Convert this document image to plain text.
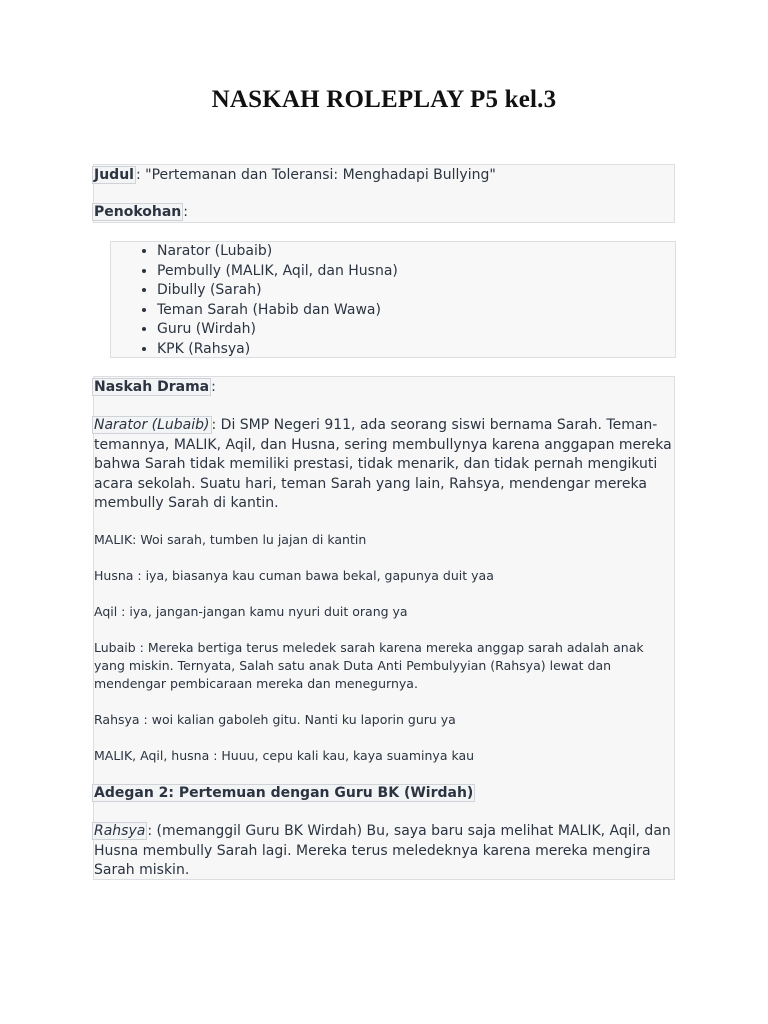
NASKAH ROLEPLAY P5 kel.3
Judul : "Pertemanan dan Toleransi: Menghadapi Bullying"
Penokohan :
• Narator (Lubaib)
• Pembully (MALIK, Aqil, dan Husna)
• Dibully (Sarah)
• Teman Sarah (Habib dan Wawa)
• Guru (Wirdah)
• KPK (Rahsya)
Naskah Drama :
Narator (Lubaib) : Di SMP Negeri 911, ada seorang siswi bernama Sarah. Teman-temannya, MALIK, Aqil, dan Husna, sering membullynya karena anggapan mereka bahwa Sarah tidak memiliki prestasi, tidak menarik, dan tidak pernah mengikuti acara sekolah. Suatu hari, teman Sarah yang lain, Rahsya, mendengar mereka membully Sarah di kantin.
MALIK: Woi sarah, tumben lu jajan di kantin
Husna : iya, biasanya kau cuman bawa bekal, gapunya duit yaa
Aqil : iya, jangan-jangan kamu nyuri duit orang ya
Lubaib : Mereka bertiga terus meledek sarah karena mereka anggap sarah adalah anak yang miskin. Ternyata, Salah satu anak Duta Anti Pembulyyian (Rahsya) lewat dan mendengar pembicaraan mereka dan menegurnya.
Rahsya : woi kalian gaboleh gitu. Nanti ku laporin guru ya
MALIK, Aqil, husna : Huuu, cepu kali kau, kaya suaminya kau
Adegan 2: Pertemuan dengan Guru BK (Wirdah)
Rahsya : (memanggil Guru BK Wirdah) Bu, saya baru saja melihat MALIK, Aqil, dan Husna membully Sarah lagi. Mereka terus meledeknya karena mereka mengira Sarah miskin.
